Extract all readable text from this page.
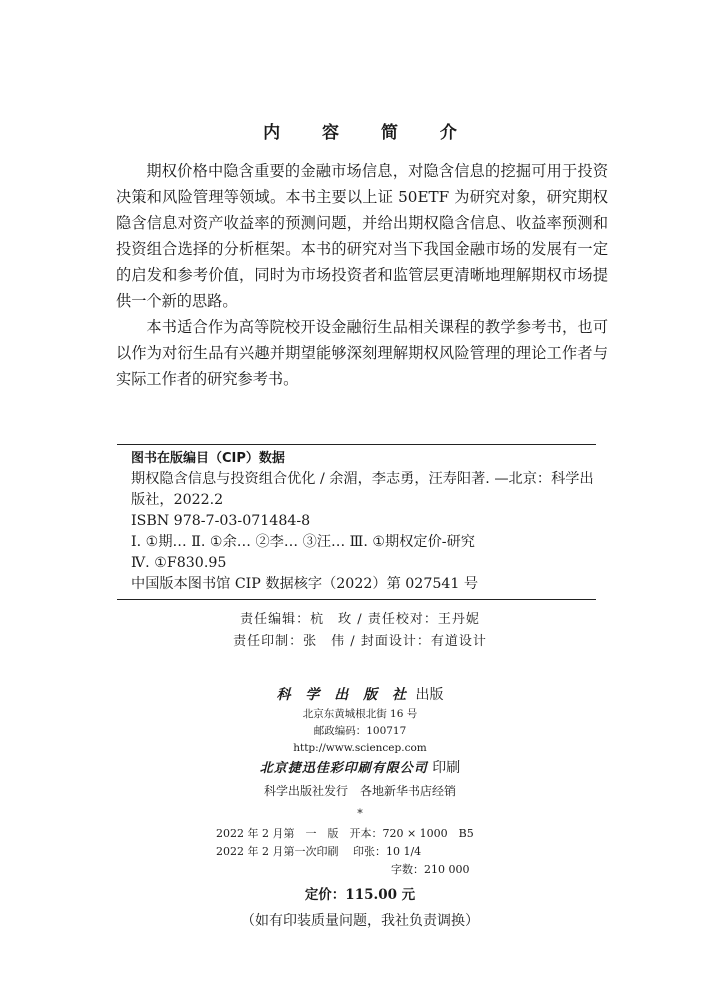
内 容 简 介

期权价格中隐含重要的金融市场信息，对隐含信息的挖掘可用于投资决策和风险管理等领域。本书主要以上证 50ETF 为研究对象，研究期权隐含信息对资产收益率的预测问题，并给出期权隐含信息、收益率预测和投资组合选择的分析框架。本书的研究对当下我国金融市场的发展有一定的启发和参考价值，同时为市场投资者和监管层更清晰地理解期权市场提供一个新的思路。

本书适合作为高等院校开设金融衍生品相关课程的教学参考书，也可以作为对衍生品有兴趣并期望能够深刻理解期权风险管理的理论工作者与实际工作者的研究参考书。

图书在版编目（CIP）数据
期权隐含信息与投资组合优化 / 余湄，李志勇，汪寿阳著. —北京：科学出版社，2022.2
ISBN 978-7-03-071484-8
Ⅰ. ①期… Ⅱ. ①余… ②李… ③汪… Ⅲ. ①期权定价-研究
Ⅳ. ①F830.95
中国版本图书馆 CIP 数据核字（2022）第 027541 号
责任编辑：杭　玫 / 责任校对：王丹妮
责任印制：张　伟 / 封面设计：有道设计
科 学 出 版 社 出版
北京东黄城根北街 16 号
邮政编码：100717
http://www.sciencep.com
北京捷迅佳彩印刷有限公司 印刷
科学出版社发行　各地新华书店经销
*
2022 年 2 月第　一　版　开本：720 × 1000　B5
2022 年 2 月第一次印刷　 印张：10 1/4
字数：210 000
定价：115.00 元
（如有印装质量问题，我社负责调换）
